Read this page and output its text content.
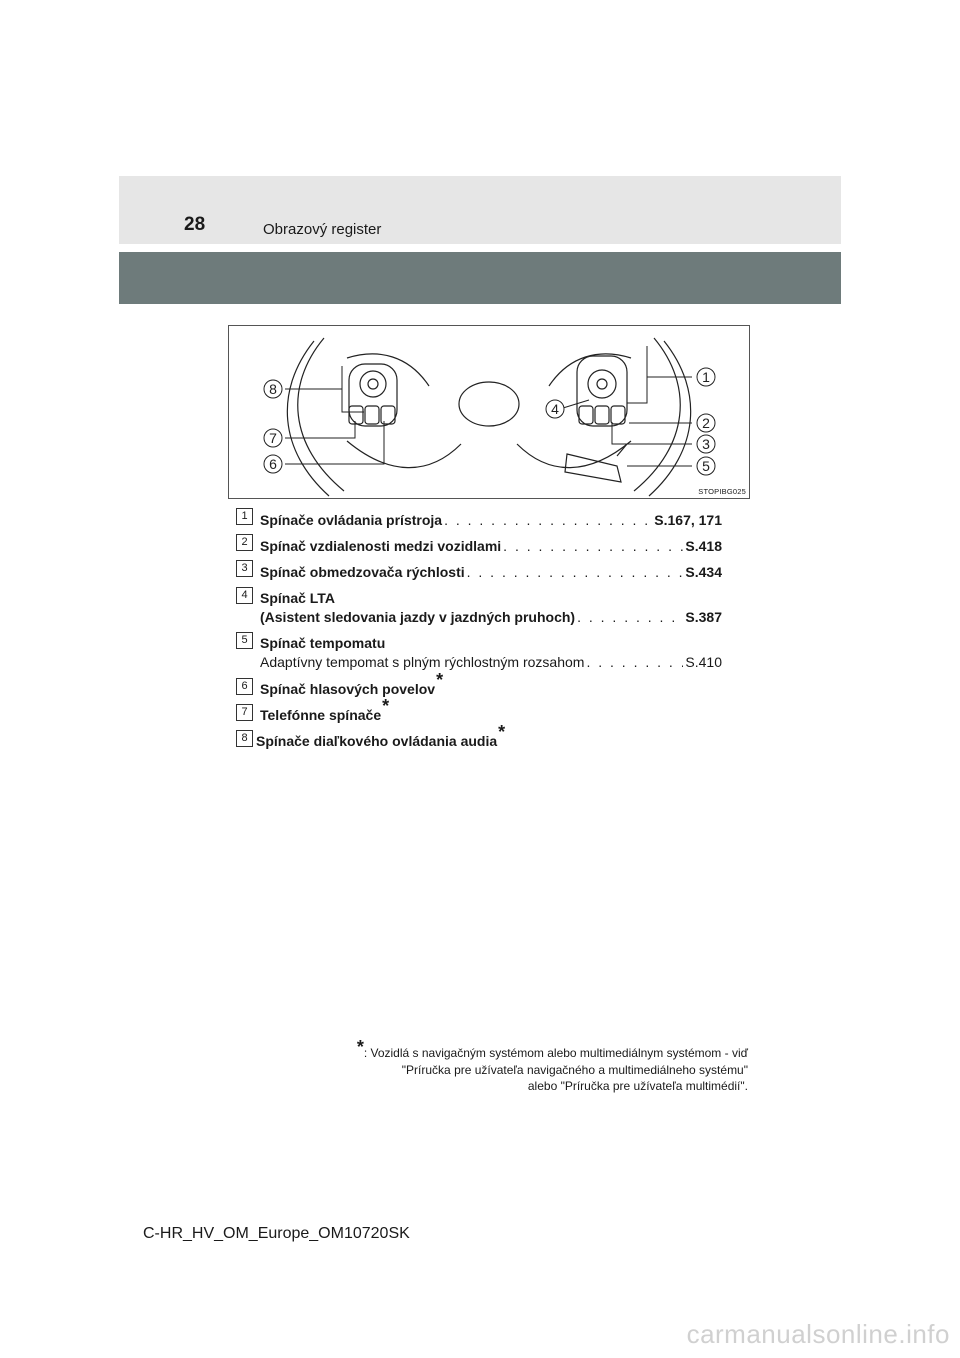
28	Obrazový register
8
7
6
4
1
2
3
5
STOPIBG025
1 Spínače ovládania prístroja . . .	S.167, 171
2 Spínač vzdialenosti medzi vozidlami . . .	S.418
3 Spínač obmedzovača rýchlosti . . .	S.434
4 Spínač LTA
(Asistent sledovania jazdy v jazdných pruhoch) . . .	S.387
5 Spínač tempomatu
Adaptívny tempomat s plným rýchlostným rozsahom . . .	S.410
6 Spínač hlasových povelov *
7 Telefónne spínače *
8 Spínače diaľkového ovládania audia *
*: Vozidlá s navigačným systémom alebo multimediálnym systémom - viď
"Príručka pre užívateľa navigačného a multimediálneho systému"
alebo "Príručka pre užívateľa multimédií".
C-HR_HV_OM_Europe_OM10720SK
carmanualsonline.info
